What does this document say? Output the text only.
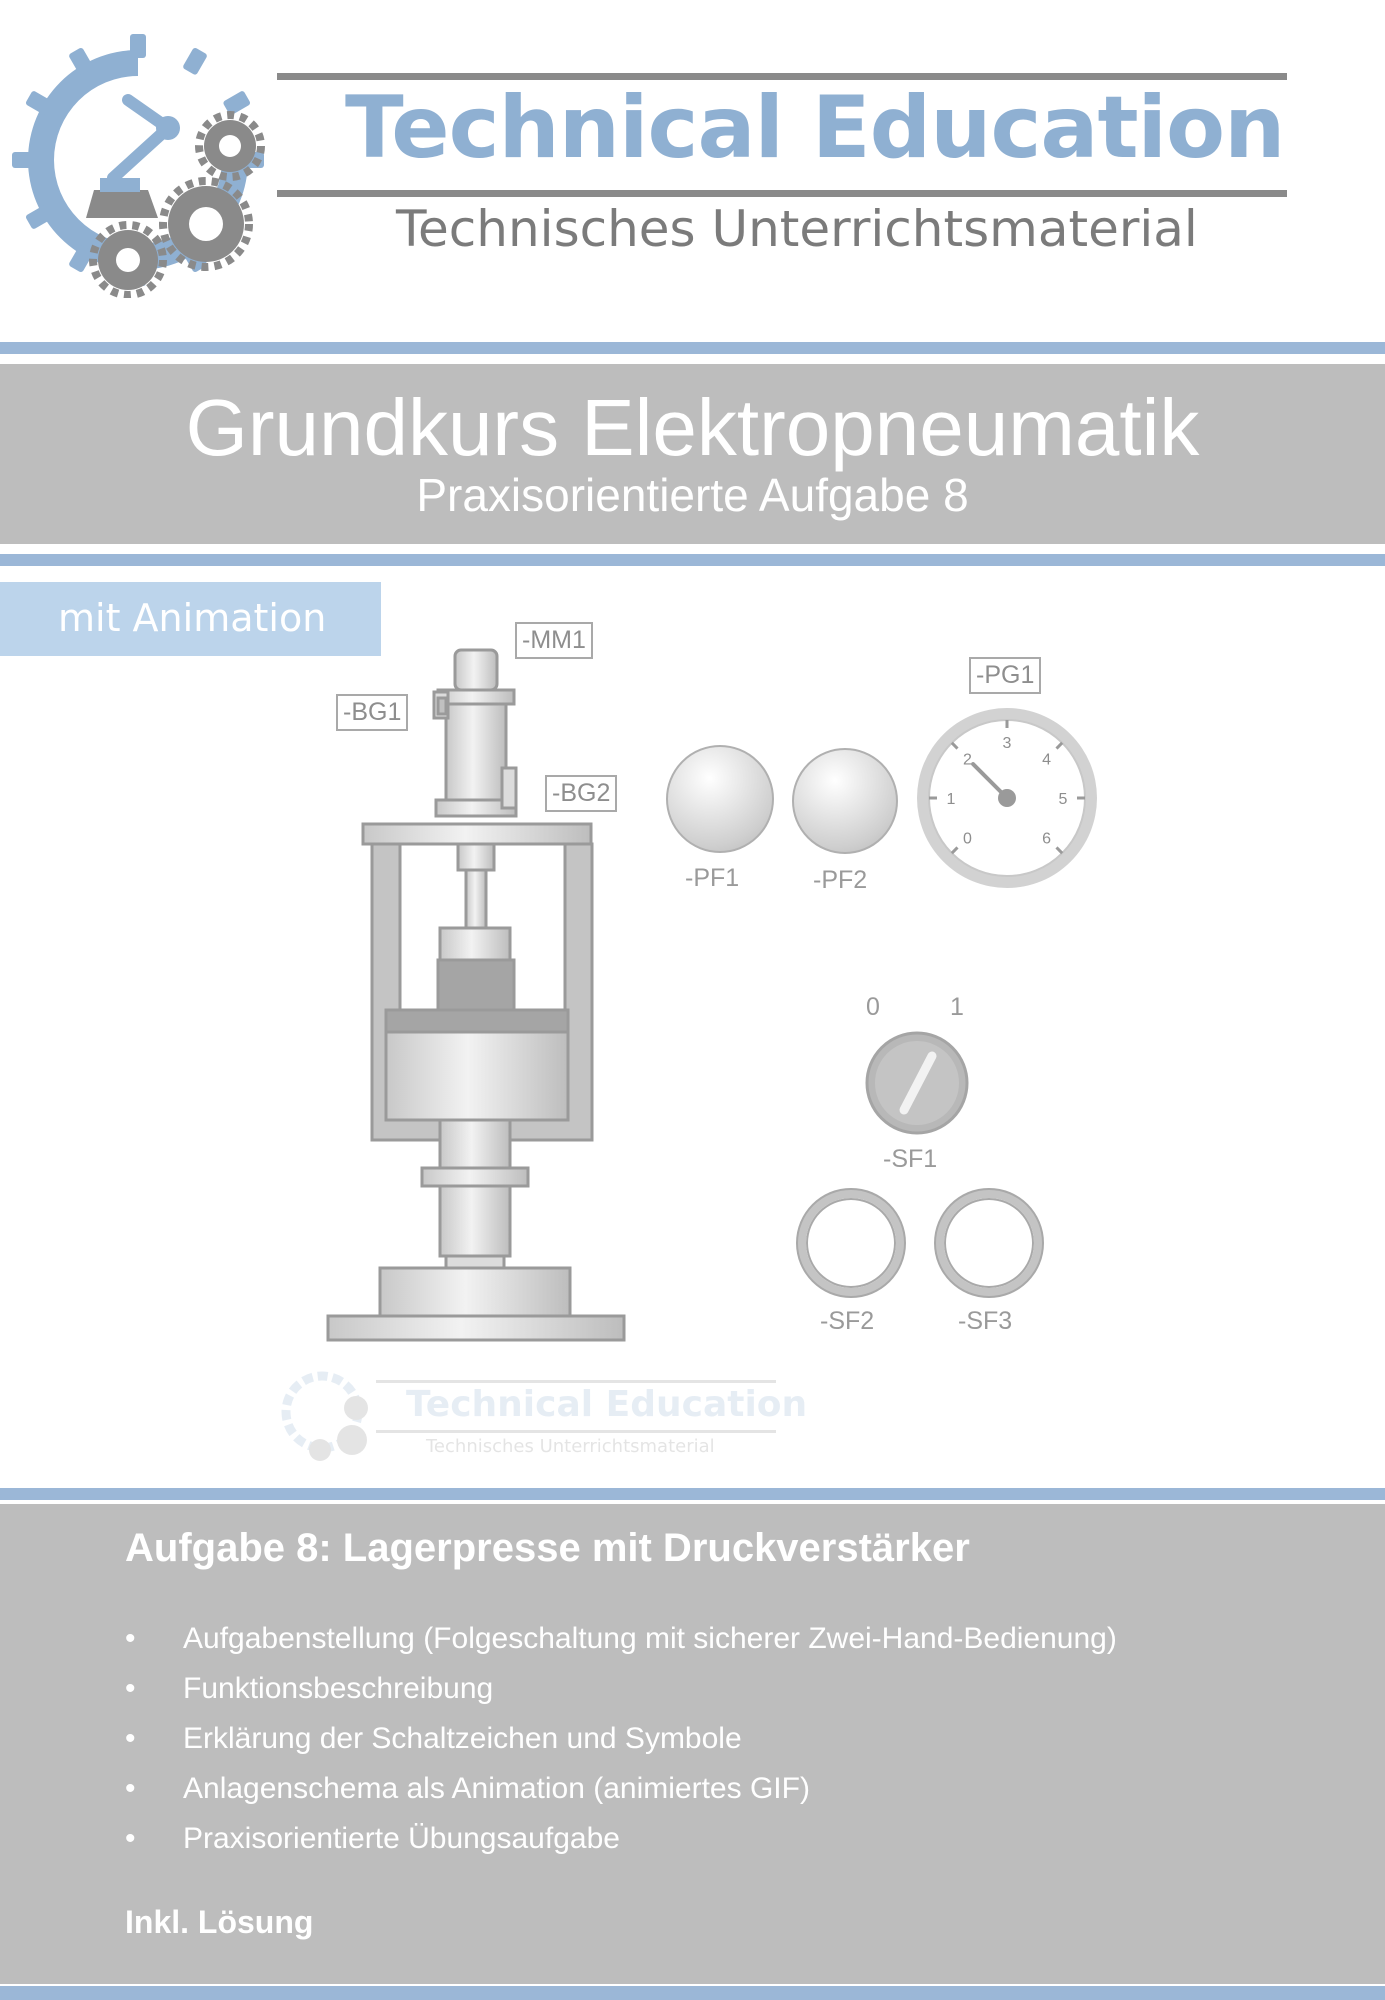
Technical Education
Technisches Unterrichtsmaterial
Grundkurs Elektropneumatik
Praxisorientierte Aufgabe 8
mit Animation	-MM1
-BG1
-BG2
-PG1
-PF1	-PF2
0
1
2
3
4
5
6
0	1
-SF1
-SF2	-SF3
Technical Education
Technisches Unterrichtsmaterial
Aufgabe 8: Lagerpresse mit Druckverstärker
• Aufgabenstellung (Folgeschaltung mit sicherer Zwei-Hand-Bedienung)
• Funktionsbeschreibung
• Erklärung der Schaltzeichen und Symbole
• Anlagenschema als Animation (animiertes GIF)
• Praxisorientierte Übungsaufgabe
Inkl. Lösung
